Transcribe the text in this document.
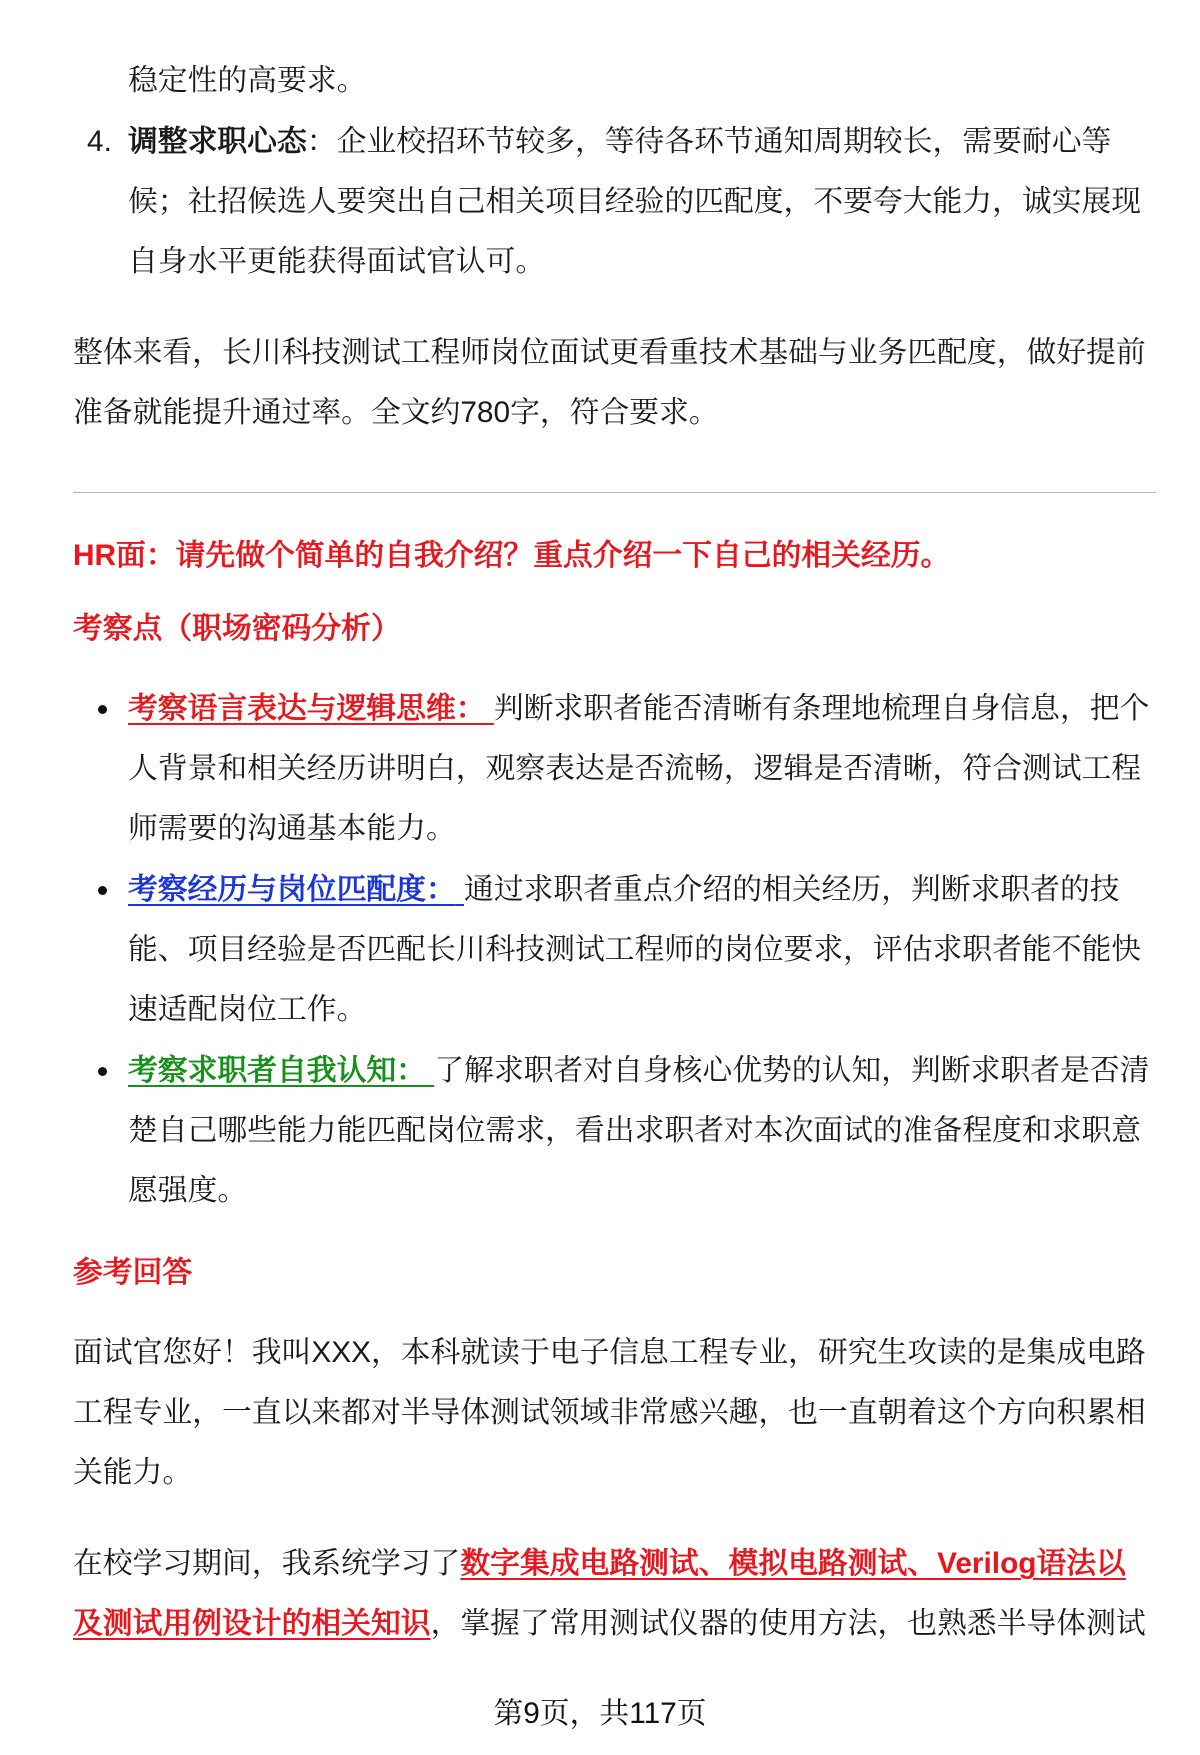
稳定性的高要求。
4. 调整求职心态：企业校招环节较多，等待各环节通知周期较长，需要耐心等
候；社招候选人要突出自己相关项目经验的匹配度，不要夸大能力，诚实展现
自身水平更能获得面试官认可。
整体来看，长川科技测试工程师岗位面试更看重技术基础与业务匹配度，做好提前
准备就能提升通过率。全文约780字，符合要求。
HR面：请先做个简单的自我介绍？重点介绍一下自己的相关经历。
考察点（职场密码分析）
考察语言表达与逻辑思维： 判断求职者能否清晰有条理地梳理自身信息，把个
人背景和相关经历讲明白，观察表达是否流畅，逻辑是否清晰，符合测试工程
师需要的沟通基本能力。
考察经历与岗位匹配度： 通过求职者重点介绍的相关经历，判断求职者的技
能、项目经验是否匹配长川科技测试工程师的岗位要求，评估求职者能不能快
速适配岗位工作。
考察求职者自我认知： 了解求职者对自身核心优势的认知，判断求职者是否清
楚自己哪些能力能匹配岗位需求，看出求职者对本次面试的准备程度和求职意
愿强度。
参考回答
面试官您好！我叫XXX，本科就读于电子信息工程专业，研究生攻读的是集成电路
工程专业，一直以来都对半导体测试领域非常感兴趣，也一直朝着这个方向积累相
关能力。
在校学习期间，我系统学习了数字集成电路测试、模拟电路测试、Verilog语法以
及测试用例设计的相关知识，掌握了常用测试仪器的使用方法，也熟悉半导体测试
第9页，共117页
